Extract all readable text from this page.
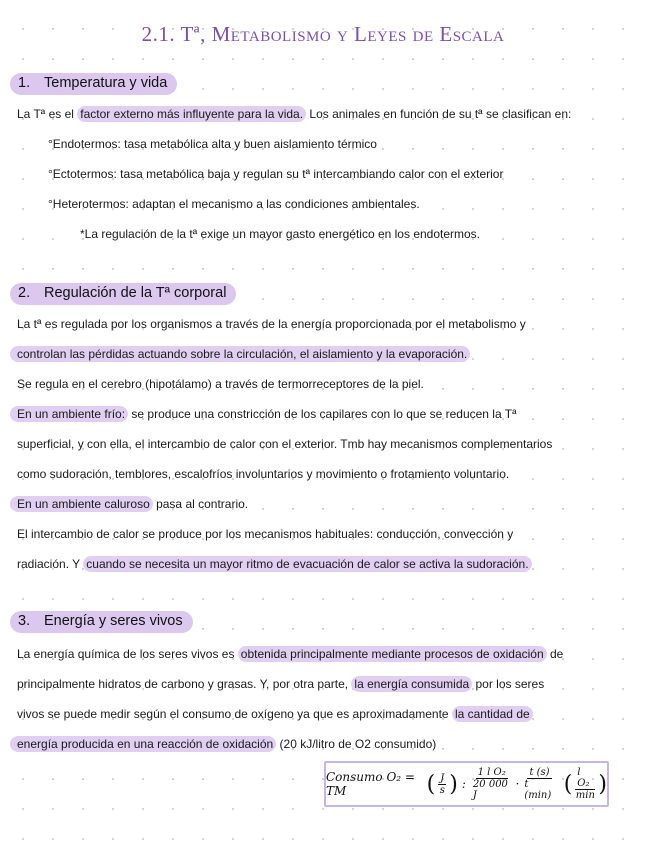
2.1. Tª, Metabolismo y Leyes de Escala
1. Temperatura y vida
La Tª es el factor externo más influyente para la vida. Los animales en función de su tª se clasifican en:
°Endotermos: tasa metabólica alta y buen aislamiento térmico
°Ectotermos: tasa metabólica baja y regulan su tª intercambiando calor con el exterior
°Heterotermos: adaptan el mecanismo a las condiciones ambientales.
*La regulación de la tª exige un mayor gasto energético en los endotermos.
2. Regulación de la Tª corporal
La tª es regulada por los organismos a través de la energía proporcionada por el metabolismo y
controlan las pérdidas actuando sobre la circulación, el aislamiento y la evaporación.
Se regula en el cerebro (hipotálamo) a través de termorreceptores de la piel.
En un ambiente frío: se produce una constricción de los capilares con lo que se reducen la Tª
superficial, y con ella, el intercambio de calor con el exterior. Tmb hay mecanismos complementarios
como sudoración, temblores, escalofríos involuntarios y movimiento o frotamiento voluntario.
En un ambiente caluroso pasa al contrario.
El intercambio de calor se produce por los mecanismos habituales: conducción, convección y
radiación. Y cuando se necesita un mayor ritmo de evacuación de calor se activa la sudoración.
3. Energía y seres vivos
La energía química de los seres vivos es obtenida principalmente mediante procesos de oxidación de
principalmente hidratos de carbono y grasas. Y, por otra parte, la energía consumida por los seres
vivos se puede medir según el consumo de oxígeno ya que es aproximadamente la cantidad de
energía producida en una reacción de oxidación (20 kJ/litro de O2 consumido)
Consumo O₂ = TM	( $\frac{J}{s}$ ) : $\frac{\text{1 l O₂}}{20 000 J} \cdot \frac{t (s)}{t (\min)}$ ( $\frac{\text{l O₂}}{\min}$ )
